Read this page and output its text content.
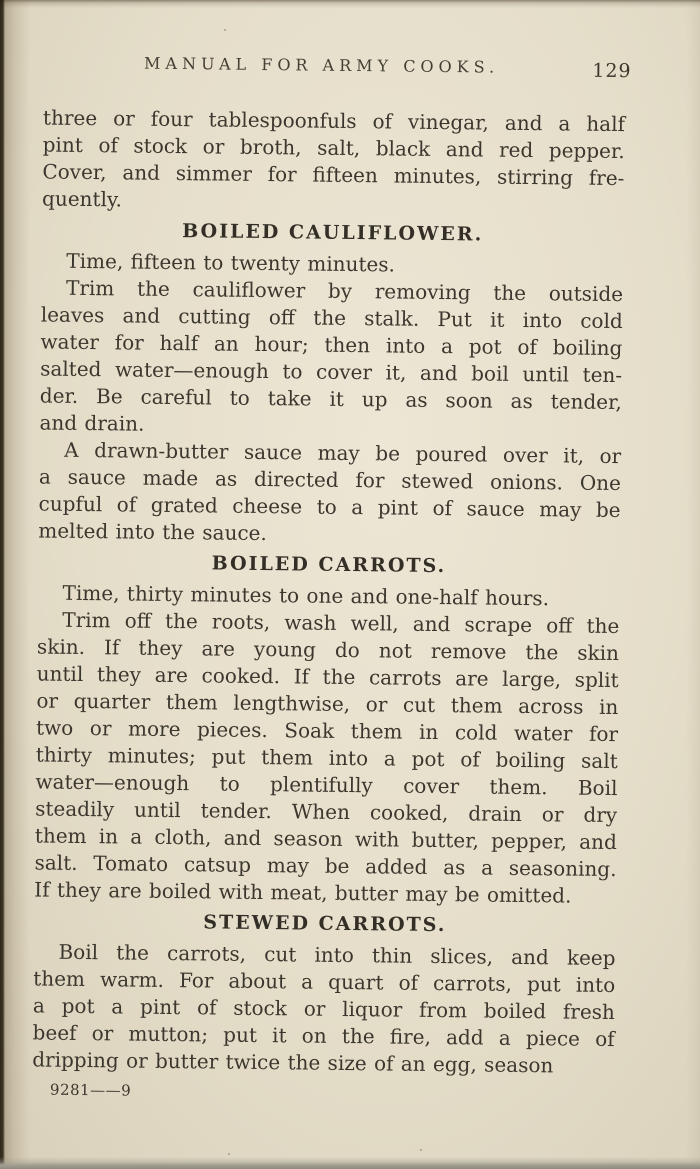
MANUAL FOR ARMY COOKS.	129
three or four tablespoonfuls of vinegar, and a half
pint of stock or broth, salt, black and red pepper.
Cover, and simmer for fifteen minutes, stirring fre-
quently.
BOILED CAULIFLOWER.
Time, fifteen to twenty minutes.
Trim the cauliflower by removing the outside
leaves and cutting off the stalk. Put it into cold
water for half an hour; then into a pot of boiling
salted water—enough to cover it, and boil until ten-
der. Be careful to take it up as soon as tender,
and drain.
A drawn-butter sauce may be poured over it, or
a sauce made as directed for stewed onions. One
cupful of grated cheese to a pint of sauce may be
melted into the sauce.
BOILED CARROTS.
Time, thirty minutes to one and one-half hours.
Trim off the roots, wash well, and scrape off the
skin. If they are young do not remove the skin
until they are cooked. If the carrots are large, split
or quarter them lengthwise, or cut them across in
two or more pieces. Soak them in cold water for
thirty minutes; put them into a pot of boiling salt
water—enough to plentifully cover them. Boil
steadily until tender. When cooked, drain or dry
them in a cloth, and season with butter, pepper, and
salt. Tomato catsup may be added as a seasoning.
If they are boiled with meat, butter may be omitted.
STEWED CARROTS.
Boil the carrots, cut into thin slices, and keep
them warm. For about a quart of carrots, put into
a pot a pint of stock or liquor from boiled fresh
beef or mutton; put it on the fire, add a piece of
dripping or butter twice the size of an egg, season
9281——9
